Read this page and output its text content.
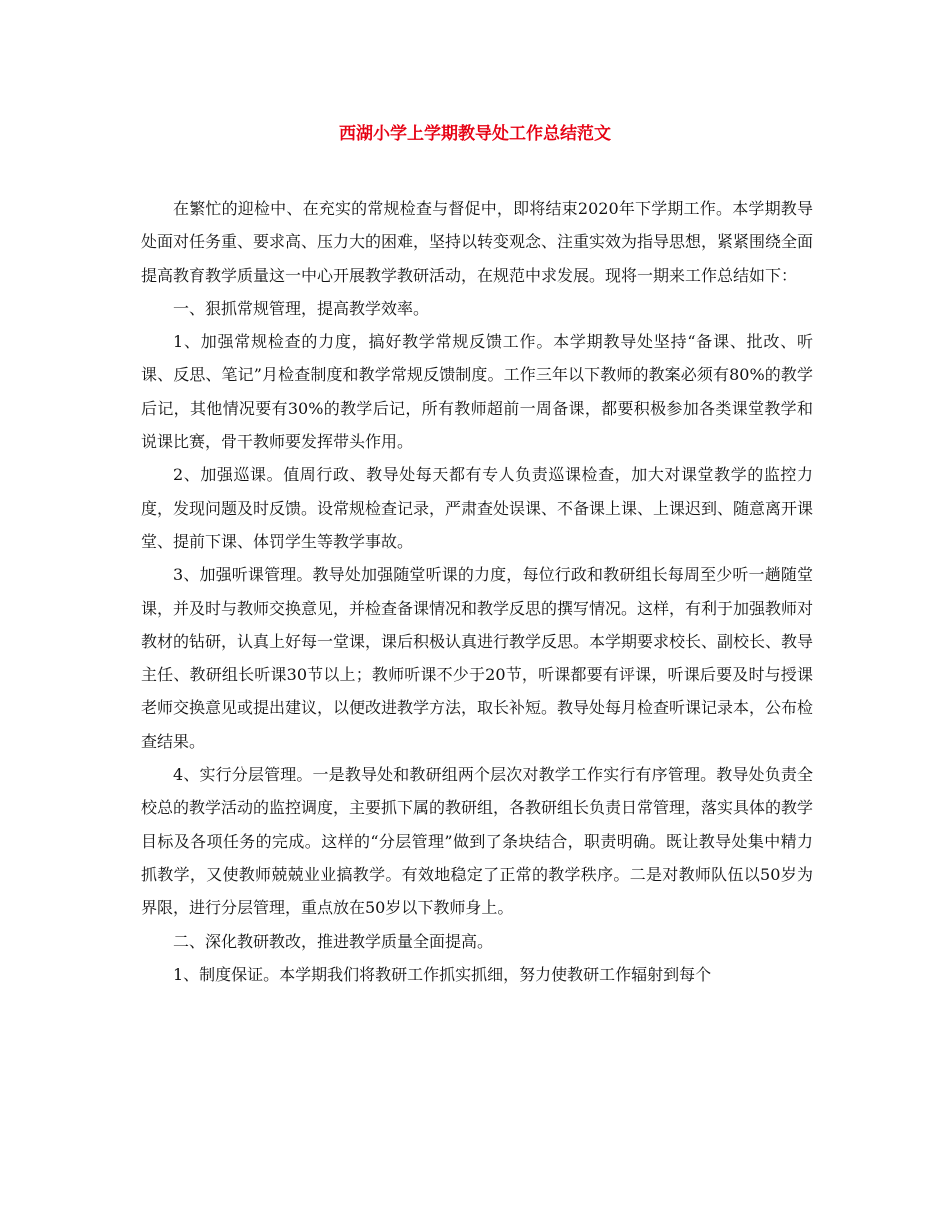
西湖小学上学期教导处工作总结范文

在繁忙的迎检中、在充实的常规检查与督促中，即将结束2020年下学期工作。本学期教导处面对任务重、要求高、压力大的困难，坚持以转变观念、注重实效为指导思想，紧紧围绕全面提高教育教学质量这一中心开展教学教研活动，在规范中求发展。现将一期来工作总结如下：

一、狠抓常规管理，提高教学效率。

1、加强常规检查的力度，搞好教学常规反馈工作。本学期教导处坚持“备课、批改、听课、反思、笔记”月检查制度和教学常规反馈制度。工作三年以下教师的教案必须有80%的教学后记，其他情况要有30%的教学后记，所有教师超前一周备课，都要积极参加各类课堂教学和说课比赛，骨干教师要发挥带头作用。

2、加强巡课。值周行政、教导处每天都有专人负责巡课检查，加大对课堂教学的监控力度，发现问题及时反馈。设常规检查记录，严肃查处误课、不备课上课、上课迟到、随意离开课堂、提前下课、体罚学生等教学事故。

3、加强听课管理。教导处加强随堂听课的力度，每位行政和教研组长每周至少听一趟随堂课，并及时与教师交换意见，并检查备课情况和教学反思的撰写情况。这样，有利于加强教师对教材的钻研，认真上好每一堂课，课后积极认真进行教学反思。本学期要求校长、副校长、教导主任、教研组长听课30节以上；教师听课不少于20节，听课都要有评课，听课后要及时与授课老师交换意见或提出建议，以便改进教学方法，取长补短。教导处每月检查听课记录本，公布检查结果。

4、实行分层管理。一是教导处和教研组两个层次对教学工作实行有序管理。教导处负责全校总的教学活动的监控调度，主要抓下属的教研组，各教研组长负责日常管理，落实具体的教学目标及各项任务的完成。这样的“分层管理”做到了条块结合，职责明确。既让教导处集中精力抓教学，又使教师兢兢业业搞教学。有效地稳定了正常的教学秩序。二是对教师队伍以50岁为界限，进行分层管理，重点放在50岁以下教师身上。

二、深化教研教改，推进教学质量全面提高。

1、制度保证。本学期我们将教研工作抓实抓细，努力使教研工作辐射到每个
